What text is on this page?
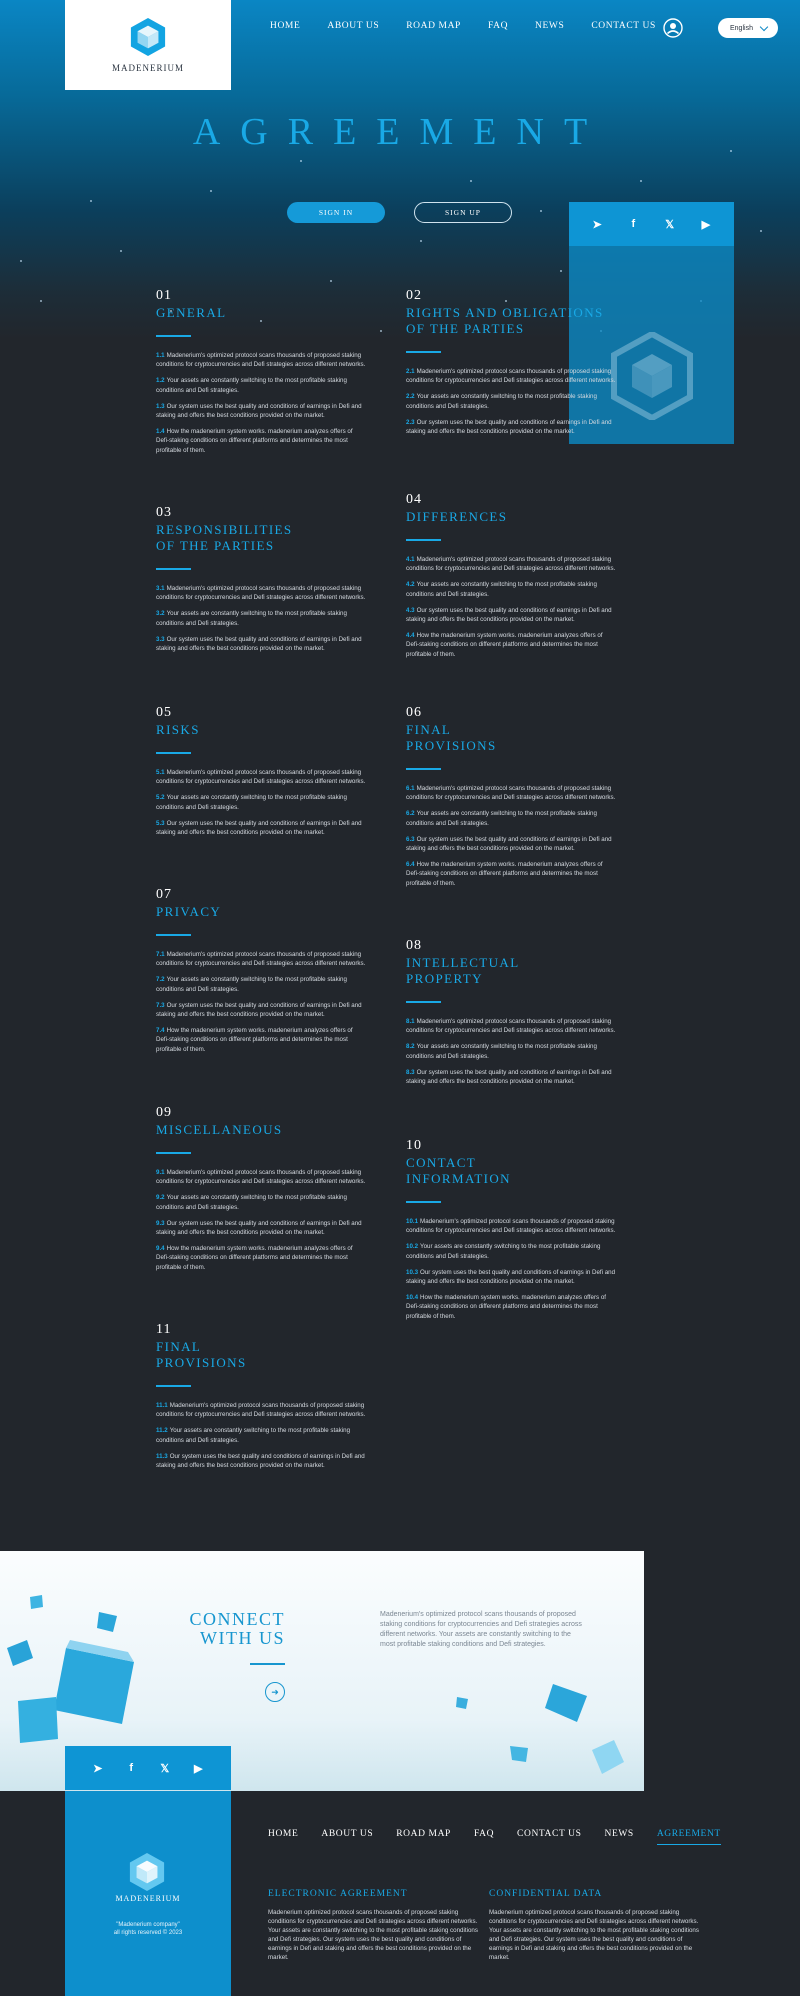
MADENERIUM
HOME	ABOUT US	ROAD MAP	FAQ	NEWS	CONTACT US	English
AGREEMENT
SIGN IN	SIGN UP
➤	f	𝕏	▶
01
GENERAL
1.1 Madenerium's optimized protocol scans thousands of proposed staking conditions for cryptocurrencies and Defi strategies across different networks.
1.2 Your assets are constantly switching to the most profitable staking conditions and Defi strategies.
1.3 Our system uses the best quality and conditions of earnings in Defi and staking and offers the best conditions provided on the market.
1.4 How the madenerium system works. madenerium analyzes offers of Defi-staking conditions on different platforms and determines the most profitable of them.
02
RIGHTS AND OBLIGATIONS
OF THE PARTIES
2.1 Madenerium's optimized protocol scans thousands of proposed staking conditions for cryptocurrencies and Defi strategies across different networks.
2.2 Your assets are constantly switching to the most profitable staking conditions and Defi strategies.
2.3 Our system uses the best quality and conditions of earnings in Defi and staking and offers the best conditions provided on the market.
03
RESPONSIBILITIES
OF THE PARTIES
3.1 Madenerium's optimized protocol scans thousands of proposed staking conditions for cryptocurrencies and Defi strategies across different networks.
3.2 Your assets are constantly switching to the most profitable staking conditions and Defi strategies.
3.3 Our system uses the best quality and conditions of earnings in Defi and staking and offers the best conditions provided on the market.
04
DIFFERENCES
4.1 Madenerium's optimized protocol scans thousands of proposed staking conditions for cryptocurrencies and Defi strategies across different networks.
4.2 Your assets are constantly switching to the most profitable staking conditions and Defi strategies.
4.3 Our system uses the best quality and conditions of earnings in Defi and staking and offers the best conditions provided on the market.
4.4 How the madenerium system works. madenerium analyzes offers of Defi-staking conditions on different platforms and determines the most profitable of them.
05
RISKS
5.1 Madenerium's optimized protocol scans thousands of proposed staking conditions for cryptocurrencies and Defi strategies across different networks.
5.2 Your assets are constantly switching to the most profitable staking conditions and Defi strategies.
5.3 Our system uses the best quality and conditions of earnings in Defi and staking and offers the best conditions provided on the market.
06
FINAL
PROVISIONS
6.1 Madenerium's optimized protocol scans thousands of proposed staking conditions for cryptocurrencies and Defi strategies across different networks.
6.2 Your assets are constantly switching to the most profitable staking conditions and Defi strategies.
6.3 Our system uses the best quality and conditions of earnings in Defi and staking and offers the best conditions provided on the market.
6.4 How the madenerium system works. madenerium analyzes offers of Defi-staking conditions on different platforms and determines the most profitable of them.
07
PRIVACY
7.1 Madenerium's optimized protocol scans thousands of proposed staking conditions for cryptocurrencies and Defi strategies across different networks.
7.2 Your assets are constantly switching to the most profitable staking conditions and Defi strategies.
7.3 Our system uses the best quality and conditions of earnings in Defi and staking and offers the best conditions provided on the market.
7.4 How the madenerium system works. madenerium analyzes offers of Defi-staking conditions on different platforms and determines the most profitable of them.
08
INTELLECTUAL
PROPERTY
8.1 Madenerium's optimized protocol scans thousands of proposed staking conditions for cryptocurrencies and Defi strategies across different networks.
8.2 Your assets are constantly switching to the most profitable staking conditions and Defi strategies.
8.3 Our system uses the best quality and conditions of earnings in Defi and staking and offers the best conditions provided on the market.
09
MISCELLANEOUS
9.1 Madenerium's optimized protocol scans thousands of proposed staking conditions for cryptocurrencies and Defi strategies across different networks.
9.2 Your assets are constantly switching to the most profitable staking conditions and Defi strategies.
9.3 Our system uses the best quality and conditions of earnings in Defi and staking and offers the best conditions provided on the market.
9.4 How the madenerium system works. madenerium analyzes offers of Defi-staking conditions on different platforms and determines the most profitable of them.
10
CONTACT
INFORMATION
10.1 Madenerium's optimized protocol scans thousands of proposed staking conditions for cryptocurrencies and Defi strategies across different networks.
10.2 Your assets are constantly switching to the most profitable staking conditions and Defi strategies.
10.3 Our system uses the best quality and conditions of earnings in Defi and staking and offers the best conditions provided on the market.
10.4 How the madenerium system works. madenerium analyzes offers of Defi-staking conditions on different platforms and determines the most profitable of them.
11
FINAL
PROVISIONS
11.1 Madenerium's optimized protocol scans thousands of proposed staking conditions for cryptocurrencies and Defi strategies across different networks.
11.2 Your assets are constantly switching to the most profitable staking conditions and Defi strategies.
11.3 Our system uses the best quality and conditions of earnings in Defi and staking and offers the best conditions provided on the market.
CONNECT
WITH US
➜
Madenerium's optimized protocol scans thousands of proposed staking conditions for cryptocurrencies and Defi strategies across different networks. Your assets are constantly switching to the most profitable staking conditions and Defi strategies.
➤	f	𝕏	▶
MADENERIUM
"Madenerium company"
all rights reserved © 2023
HOME ABOUT US ROAD MAP FAQ CONTACT US NEWS AGREEMENT
ELECTRONIC AGREEMENT

Madenerium optimized protocol scans thousands of proposed staking conditions for cryptocurrencies and Defi strategies across different networks. Your assets are constantly switching to the most profitable staking conditions and Defi strategies. Our system uses the best quality and conditions of earnings in Defi and staking and offers the best conditions provided on the market.

CONFIDENTIAL DATA

Madenerium optimized protocol scans thousands of proposed staking conditions for cryptocurrencies and Defi strategies across different networks. Your assets are constantly switching to the most profitable staking conditions and Defi strategies. Our system uses the best quality and conditions of earnings in Defi and staking and offers the best conditions provided on the market.
